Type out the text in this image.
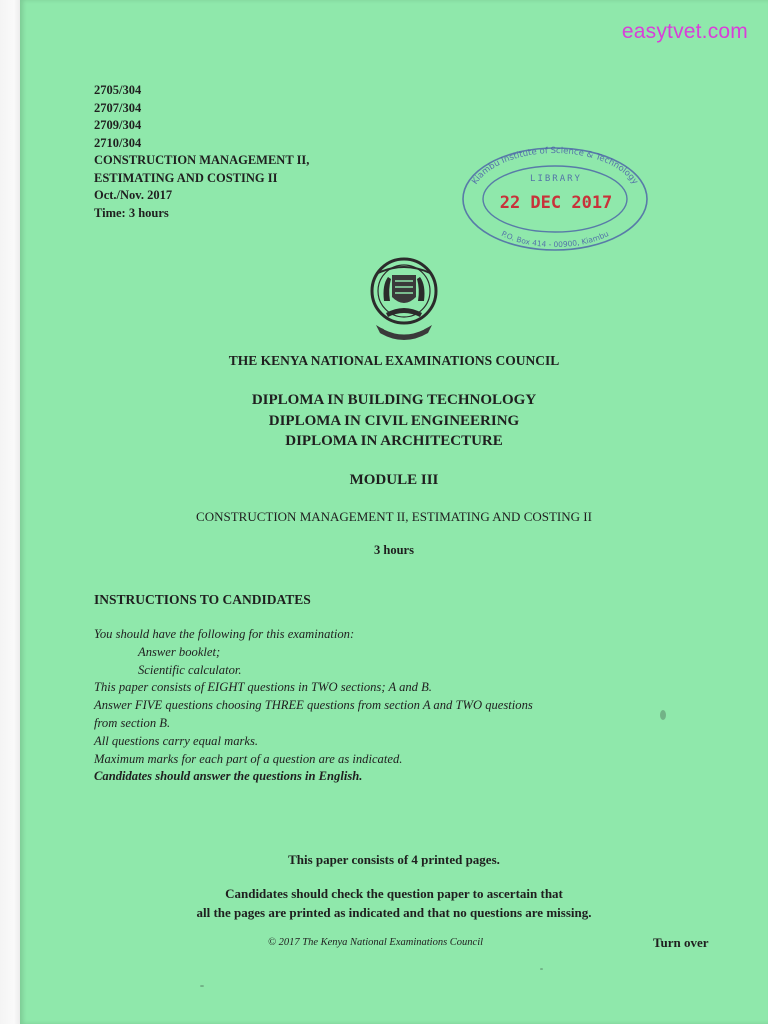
easytvet.com
2705/304
2707/304
2709/304
2710/304
CONSTRUCTION MANAGEMENT II,
ESTIMATING AND COSTING II
Oct./Nov. 2017
Time: 3 hours
Kiambu Institute of Science & Technology
P.O. Box 414 - 00900, Kiambu
LIBRARY
22 DEC 2017
THE KENYA NATIONAL EXAMINATIONS COUNCIL
DIPLOMA IN BUILDING TECHNOLOGY
DIPLOMA IN CIVIL ENGINEERING
DIPLOMA IN ARCHITECTURE
MODULE III
CONSTRUCTION MANAGEMENT II, ESTIMATING AND COSTING II
3 hours
INSTRUCTIONS TO CANDIDATES
You should have the following for this examination:
Answer booklet;
Scientific calculator.
This paper consists of EIGHT questions in TWO sections; A and B.
Answer FIVE questions choosing THREE questions from section A and TWO questions
from section B.
All questions carry equal marks.
Maximum marks for each part of a question are as indicated.
Candidates should answer the questions in English.
This paper consists of 4 printed pages.
Candidates should check the question paper to ascertain that
all the pages are printed as indicated and that no questions are missing.
© 2017 The Kenya National Examinations Council	Turn over
